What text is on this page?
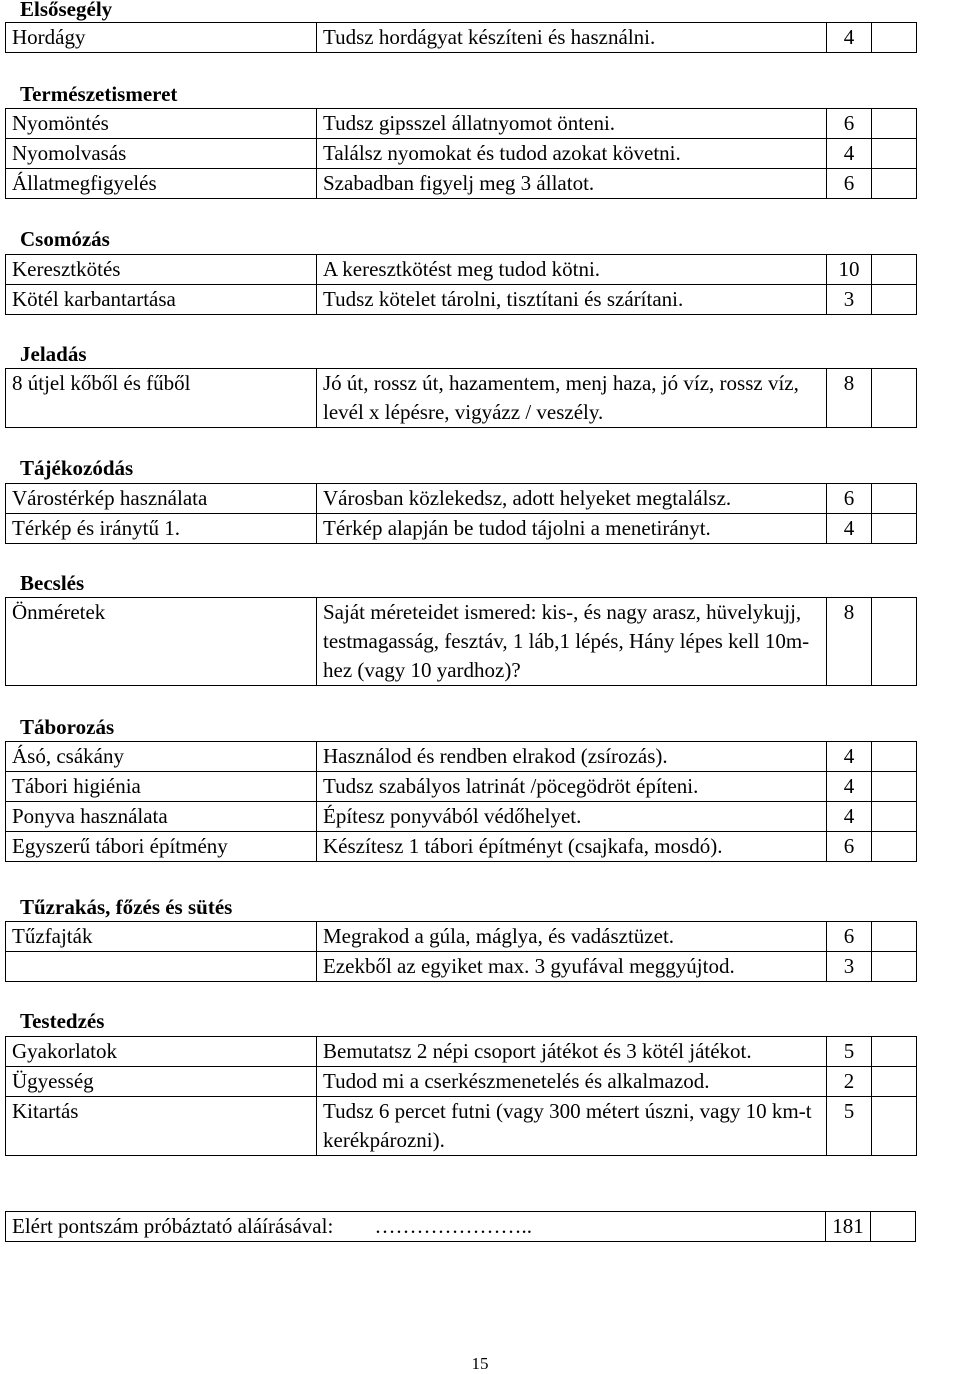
Elsősegély
Hordágy	Tudsz hordágyat készíteni és használni.	4	
Természetismeret
Nyomöntés	Tudsz gipsszel állatnyomot önteni.	6	
Nyomolvasás	Találsz nyomokat és tudod azokat követni.	4	
Állatmegfigyelés	Szabadban figyelj meg 3 állatot.	6	
Csomózás
Keresztkötés	A keresztkötést meg tudod kötni.	10	
Kötél karbantartása	Tudsz kötelet tárolni, tisztítani és szárítani.	3	
Jeladás
8 útjel kőből és fűből	Jó út, rossz út, hazamentem, menj haza, jó víz, rossz víz, levél x lépésre, vigyázz / veszély.	8	
Tájékozódás
Várostérkép használata	Városban közlekedsz, adott helyeket megtalálsz.	6	
Térkép és iránytű 1.	Térkép alapján be tudod tájolni a menetirányt.	4	
Becslés
Önméretek	Saját méreteidet ismered: kis-, és nagy arasz, hüvelykujj, testmagasság, fesztáv, 1 láb,1 lépés, Hány lépes kell 10m-hez (vagy 10 yardhoz)?	8	
Táborozás
Ásó, csákány	Használod és rendben elrakod (zsírozás).	4	
Tábori higiénia	Tudsz szabályos latrinát /pöcegödröt építeni.	4	
Ponyva használata	Építesz ponyvából védőhelyet.	4	
Egyszerű tábori építmény	Készítesz 1 tábori építményt (csajkafa, mosdó).	6	
Tűzrakás, főzés és sütés
Tűzfajták	Megrakod a gúla, máglya, és vadásztüzet.	6	
	Ezekből az egyiket max. 3 gyufával meggyújtod.	3	
Testedzés
Gyakorlatok	Bemutatsz 2 népi csoport játékot és 3 kötél játékot.	5	
Ügyesség	Tudod mi a cserkészmenetelés és alkalmazod.	2	
Kitartás	Tudsz 6 percet futni (vagy 300 métert úszni, vagy 10 km-t kerékpározni).	5	
Elért pontszám próbáztató aláírásával: …………………..	181	
15
